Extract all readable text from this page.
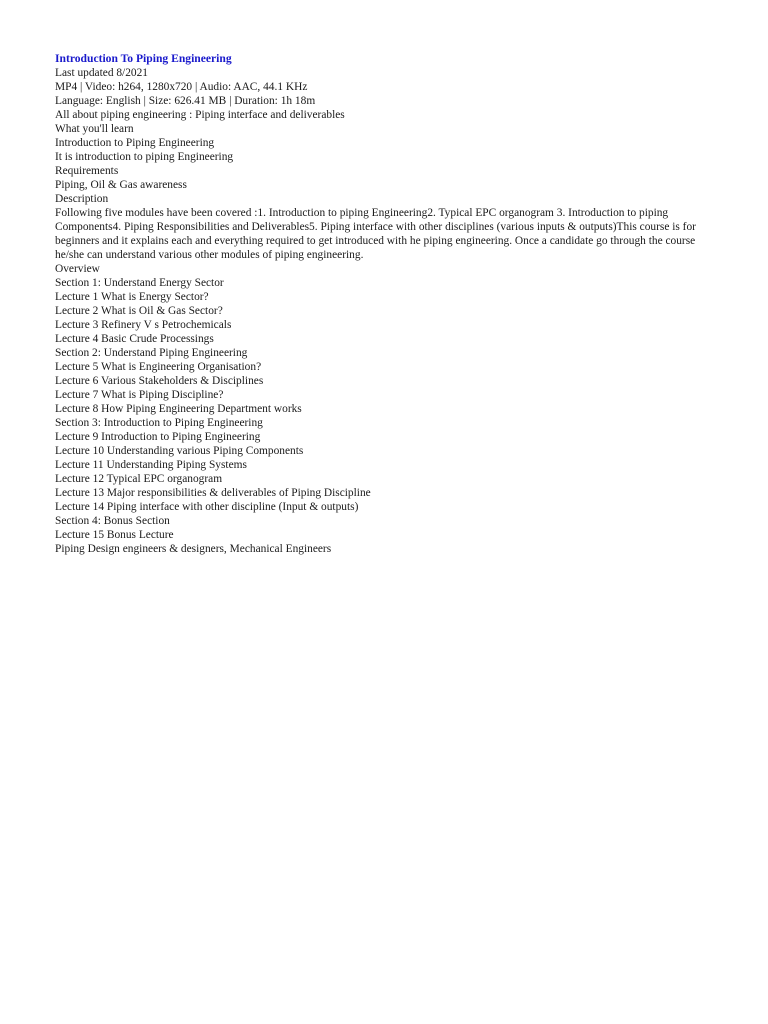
Introduction To Piping Engineering
Last updated 8/2021
MP4 | Video: h264, 1280x720 | Audio: AAC, 44.1 KHz
Language: English | Size: 626.41 MB | Duration: 1h 18m
All about piping engineering : Piping interface and deliverables
What you'll learn
Introduction to Piping Engineering
It is introduction to piping Engineering
Requirements
Piping, Oil & Gas awareness
Description
Following five modules have been covered :1. Introduction to piping Engineering2. Typical EPC organogram 3. Introduction to piping Components4. Piping Responsibilities and Deliverables5. Piping interface with other disciplines (various inputs & outputs)This course is for beginners and it explains each and everything required to get introduced with he piping engineering. Once a candidate go through the course he/she can understand various other modules of piping engineering.
Overview
Section 1: Understand Energy Sector
Lecture 1 What is Energy Sector?
Lecture 2 What is Oil & Gas Sector?
Lecture 3 Refinery V s Petrochemicals
Lecture 4 Basic Crude Processings
Section 2: Understand Piping Engineering
Lecture 5 What is Engineering Organisation?
Lecture 6 Various Stakeholders & Disciplines
Lecture 7 What is Piping Discipline?
Lecture 8 How Piping Engineering Department works
Section 3: Introduction to Piping Engineering
Lecture 9 Introduction to Piping Engineering
Lecture 10 Understanding various Piping Components
Lecture 11 Understanding Piping Systems
Lecture 12 Typical EPC organogram
Lecture 13 Major responsibilities & deliverables of Piping Discipline
Lecture 14 Piping interface with other discipline (Input & outputs)
Section 4: Bonus Section
Lecture 15 Bonus Lecture
Piping Design engineers & designers, Mechanical Engineers
